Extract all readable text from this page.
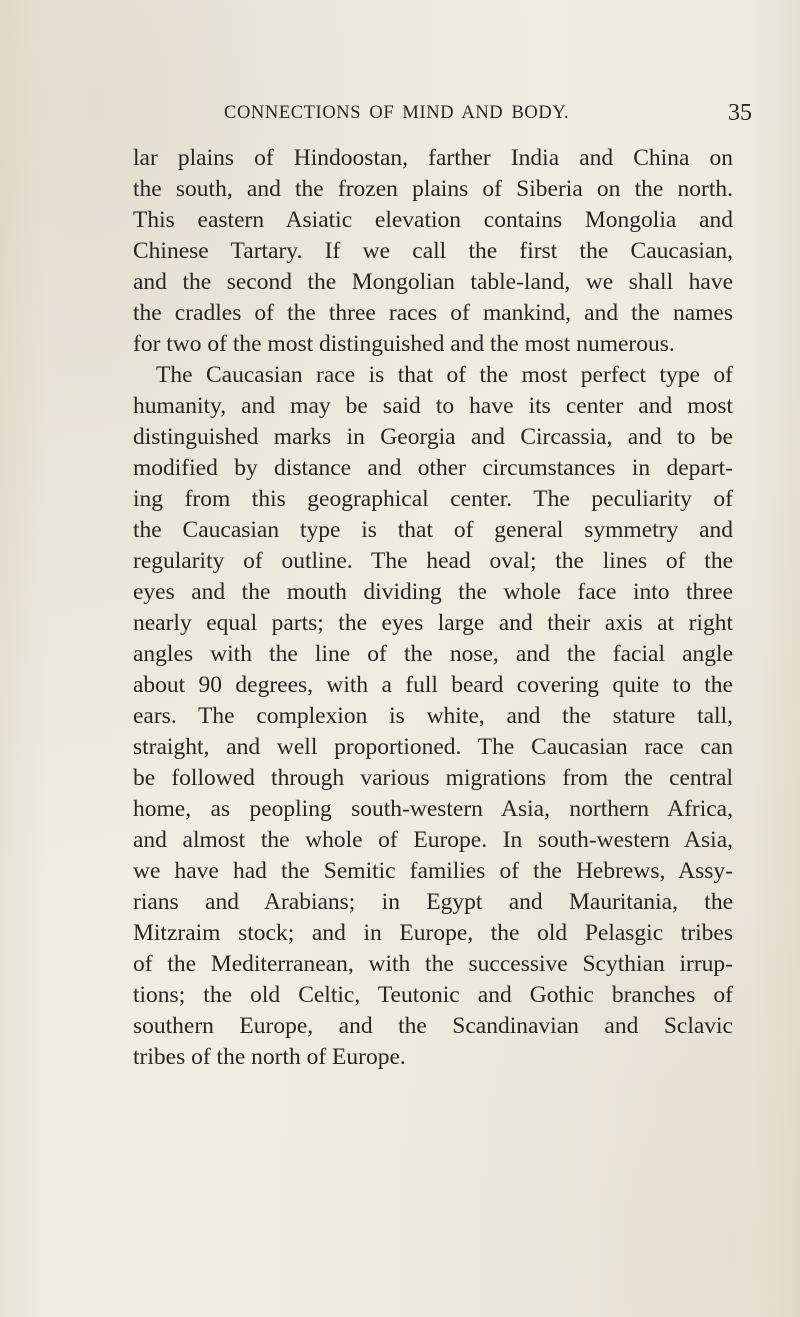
CONNECTIONS OF MIND AND BODY.	35
lar plains of Hindoostan, farther India and China on
the south, and the frozen plains of Siberia on the north.
This eastern Asiatic elevation contains Mongolia and
Chinese Tartary. If we call the first the Caucasian,
and the second the Mongolian table-land, we shall have
the cradles of the three races of mankind, and the names
for two of the most distinguished and the most numerous.
The Caucasian race is that of the most perfect type of
humanity, and may be said to have its center and most
distinguished marks in Georgia and Circassia, and to be
modified by distance and other circumstances in depart-
ing from this geographical center. The peculiarity of
the Caucasian type is that of general symmetry and
regularity of outline. The head oval; the lines of the
eyes and the mouth dividing the whole face into three
nearly equal parts; the eyes large and their axis at right
angles with the line of the nose, and the facial angle
about 90 degrees, with a full beard covering quite to the
ears. The complexion is white, and the stature tall,
straight, and well proportioned. The Caucasian race can
be followed through various migrations from the central
home, as peopling south-western Asia, northern Africa,
and almost the whole of Europe. In south-western Asia,
we have had the Semitic families of the Hebrews, Assy-
rians and Arabians; in Egypt and Mauritania, the
Mitzraim stock; and in Europe, the old Pelasgic tribes
of the Mediterranean, with the successive Scythian irrup-
tions; the old Celtic, Teutonic and Gothic branches of
southern Europe, and the Scandinavian and Sclavic
tribes of the north of Europe.
